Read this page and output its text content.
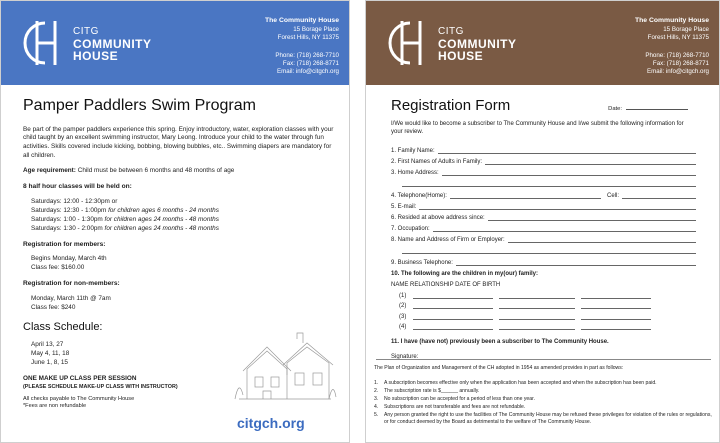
CITG
COMMUNITY
HOUSE
The Community House
15 Borage Place
Forest Hills, NY 11375
Phone: (718) 268-7710
Fax: (718) 268-8771
Email: info@citgch.org
Pamper Paddlers Swim Program

Be part of the pamper paddlers experience this spring. Enjoy introductory, water, exploration classes with your child taught by an excellent swimming instructor, Mary Leong. Introduce your child to the water through fun activities. Skills covered include kicking, bobbing, blowing bubbles, etc.. Swimming diapers are mandatory for all children.

Age requirement: Child must be between 6 months and 48 months of age

8 half hour classes will be held on:
Saturdays: 12:00 - 12:30pm or
Saturdays: 12:30 - 1:00pm for children ages 6 months - 24 months
Saturdays: 1:00 - 1:30pm for children ages 24 months - 48 months
Saturdays: 1:30 - 2:00pm for children ages 24 months - 48 months
Registration for members:
Begins Monday, March 4th
Class fee: $160.00
Registration for non-members:
Monday, March 11th @ 7am
Class fee: $240
Class Schedule:
April 13, 27
May 4, 11, 18
June 1, 8, 15
ONE MAKE UP CLASS PER SESSION
(PLEASE SCHEDULE MAKE-UP CLASS WITH INSTRUCTOR)
All checks payable to The Community House
*Fees are non refundable
citgch.org
CITG
COMMUNITY
HOUSE
The Community House
15 Borage Place
Forest Hills, NY 11375
Phone: (718) 268-7710
Fax: (718) 268-8771
Email: info@citgch.org
Registration Form	Date:
I/We would like to become a subscriber to The Community House and I/we submit the following information for your review.
1. Family Name:
2. First Names of Adults in Family:
3. Home Address:
4. Telephone(Home):	Cell:
5. E-mail:
6. Resided at above address since:
7. Occupation:
8. Name and Address of Firm or Employer:
9. Business Telephone:
10. The following are the children in my(our) family:
NAME RELATIONSHIP DATE OF BIRTH
(1)
(2)
(3)
(4)
11. I have (have not) previously been a subscriber to The Community House.
Signature:
The Plan of Organization and Management of the CH adopted in 1954 as amended provides in part as follows:
1.	A subscription becomes effective only when the application has been accepted and when the subscription has been paid.
2.	The subscription rate is $______ annually.
3.	No subscription can be accepted for a period of less than one year.
4.	Subscriptions are not transferable and fees are not refundable.
5.	Any person granted the right to use the facilities of The Community House may be refused these privileges for violation of the rules or regulations, or for conduct deemed by the Board as detrimental to the welfare of The Community House.
